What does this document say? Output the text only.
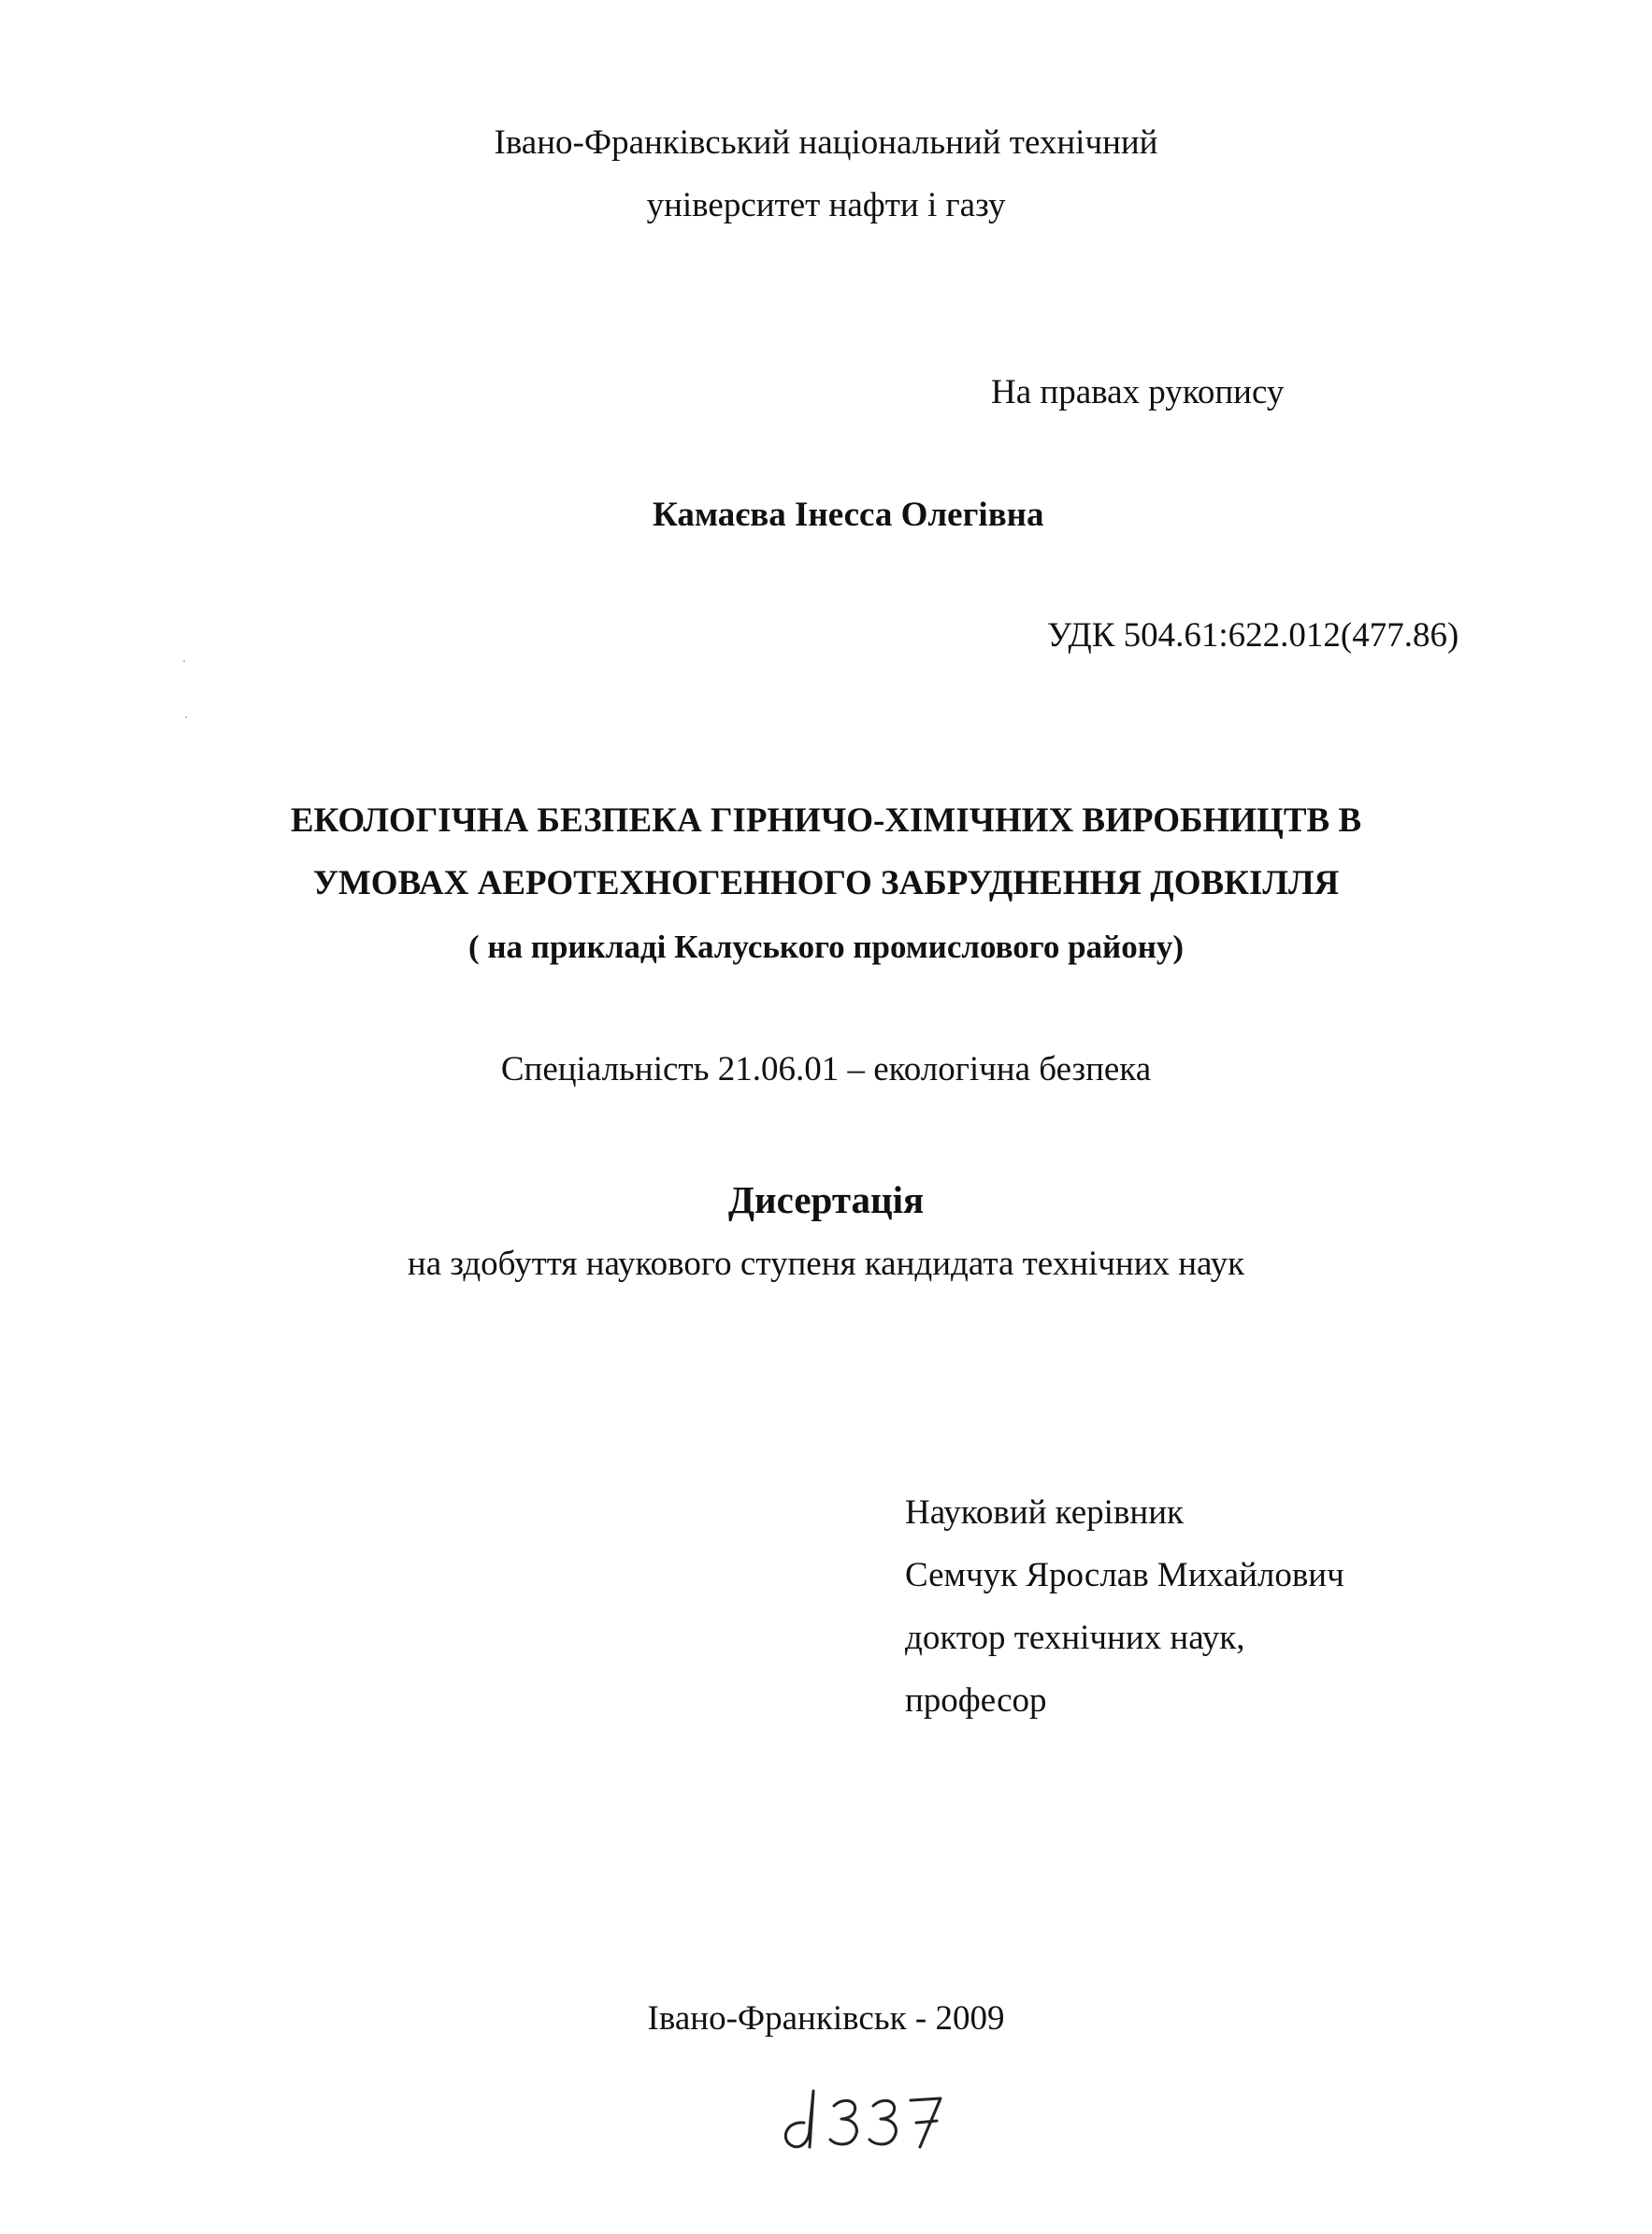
Івано-Франківський національний технічний
університет нафти і газу
На правах рукопису
Камаєва Інесса Олегівна
УДК 504.61:622.012(477.86)
ЕКОЛОГІЧНА БЕЗПЕКА ГІРНИЧО-ХІМІЧНИХ ВИРОБНИЦТВ В
УМОВАХ АЕРОТЕХНОГЕННОГО ЗАБРУДНЕННЯ ДОВКІЛЛЯ
( на прикладі Калуського промислового району)
Спеціальність 21.06.01 – екологічна безпека
Дисертація
на здобуття наукового ступеня кандидата технічних наук
Науковий керівник
Семчук Ярослав Михайлович
доктор технічних наук,
професор
Івано-Франківськ - 2009
